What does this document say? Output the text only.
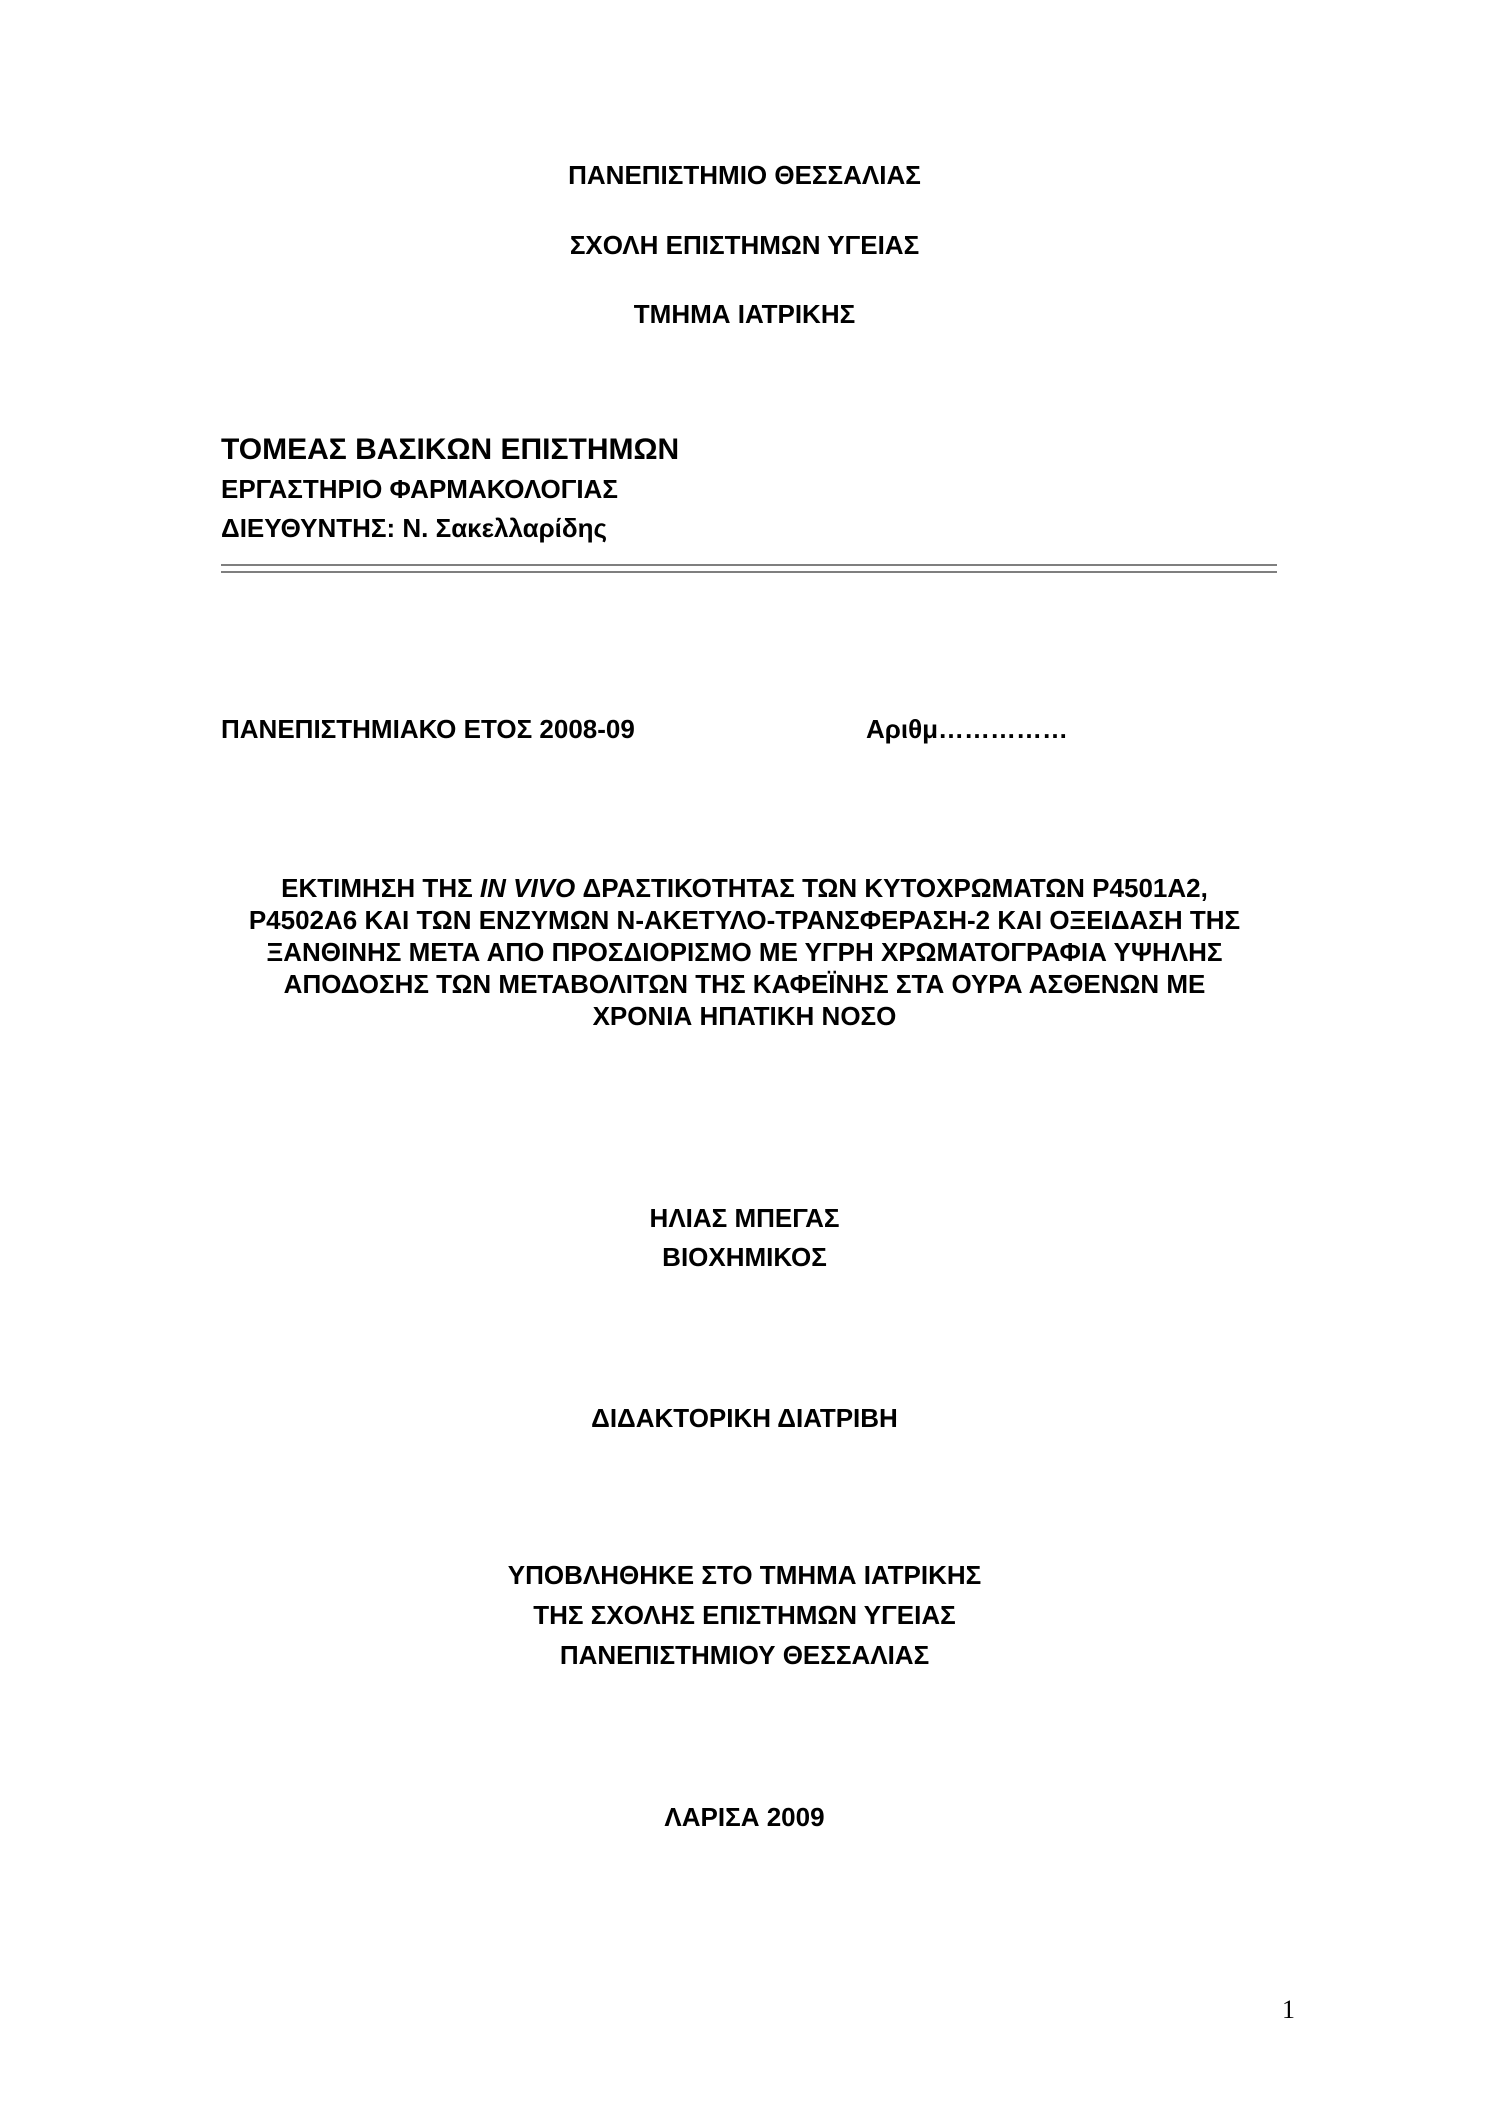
ΠΑΝΕΠΙΣΤΗΜΙΟ ΘΕΣΣΑΛΙΑΣ
ΣΧΟΛΗ ΕΠΙΣΤΗΜΩΝ ΥΓΕΙΑΣ
ΤΜΗΜΑ ΙΑΤΡΙΚΗΣ
ΤΟΜΕΑΣ ΒΑΣΙΚΩΝ ΕΠΙΣΤΗΜΩΝ
ΕΡΓΑΣΤΗΡΙΟ ΦΑΡΜΑΚΟΛΟΓΙΑΣ
ΔΙΕΥΘΥΝΤΗΣ: Ν. Σακελλαρίδης
ΠΑΝΕΠΙΣΤΗΜΙΑΚΟ ΕΤΟΣ 2008-09	Αριθμ……………
ΕΚΤΙΜΗΣΗ ΤΗΣ IN VIVO ΔΡΑΣΤΙΚΟΤΗΤΑΣ ΤΩΝ ΚΥΤΟΧΡΩΜΑΤΩΝ P4501A2,
P4502A6 ΚΑΙ ΤΩΝ ΕΝΖΥΜΩΝ N-ΑΚΕΤΥΛΟ-ΤΡΑΝΣΦΕΡΑΣΗ-2 ΚΑΙ ΟΞΕΙΔΑΣΗ ΤΗΣ
ΞΑΝΘΙΝΗΣ ΜΕΤΑ ΑΠΟ ΠΡΟΣΔΙΟΡΙΣΜΟ ΜΕ ΥΓΡΗ ΧΡΩΜΑΤΟΓΡΑΦΙΑ ΥΨΗΛΗΣ
ΑΠΟΔΟΣΗΣ ΤΩΝ ΜΕΤΑΒΟΛΙΤΩΝ ΤΗΣ ΚΑΦΕΪΝΗΣ ΣΤΑ ΟΥΡΑ ΑΣΘΕΝΩΝ ΜΕ
ΧΡΟΝΙΑ ΗΠΑΤΙΚΗ ΝΟΣΟ
ΗΛΙΑΣ ΜΠΕΓΑΣ
ΒΙΟΧΗΜΙΚΟΣ
ΔΙΔΑΚΤΟΡΙΚΗ ΔΙΑΤΡΙΒΗ
ΥΠΟΒΛΗΘΗΚΕ ΣΤΟ ΤΜΗΜΑ ΙΑΤΡΙΚΗΣ
ΤΗΣ ΣΧΟΛΗΣ ΕΠΙΣΤΗΜΩΝ ΥΓΕΙΑΣ
ΠΑΝΕΠΙΣΤΗΜΙΟΥ ΘΕΣΣΑΛΙΑΣ
ΛΑΡΙΣΑ 2009
1
